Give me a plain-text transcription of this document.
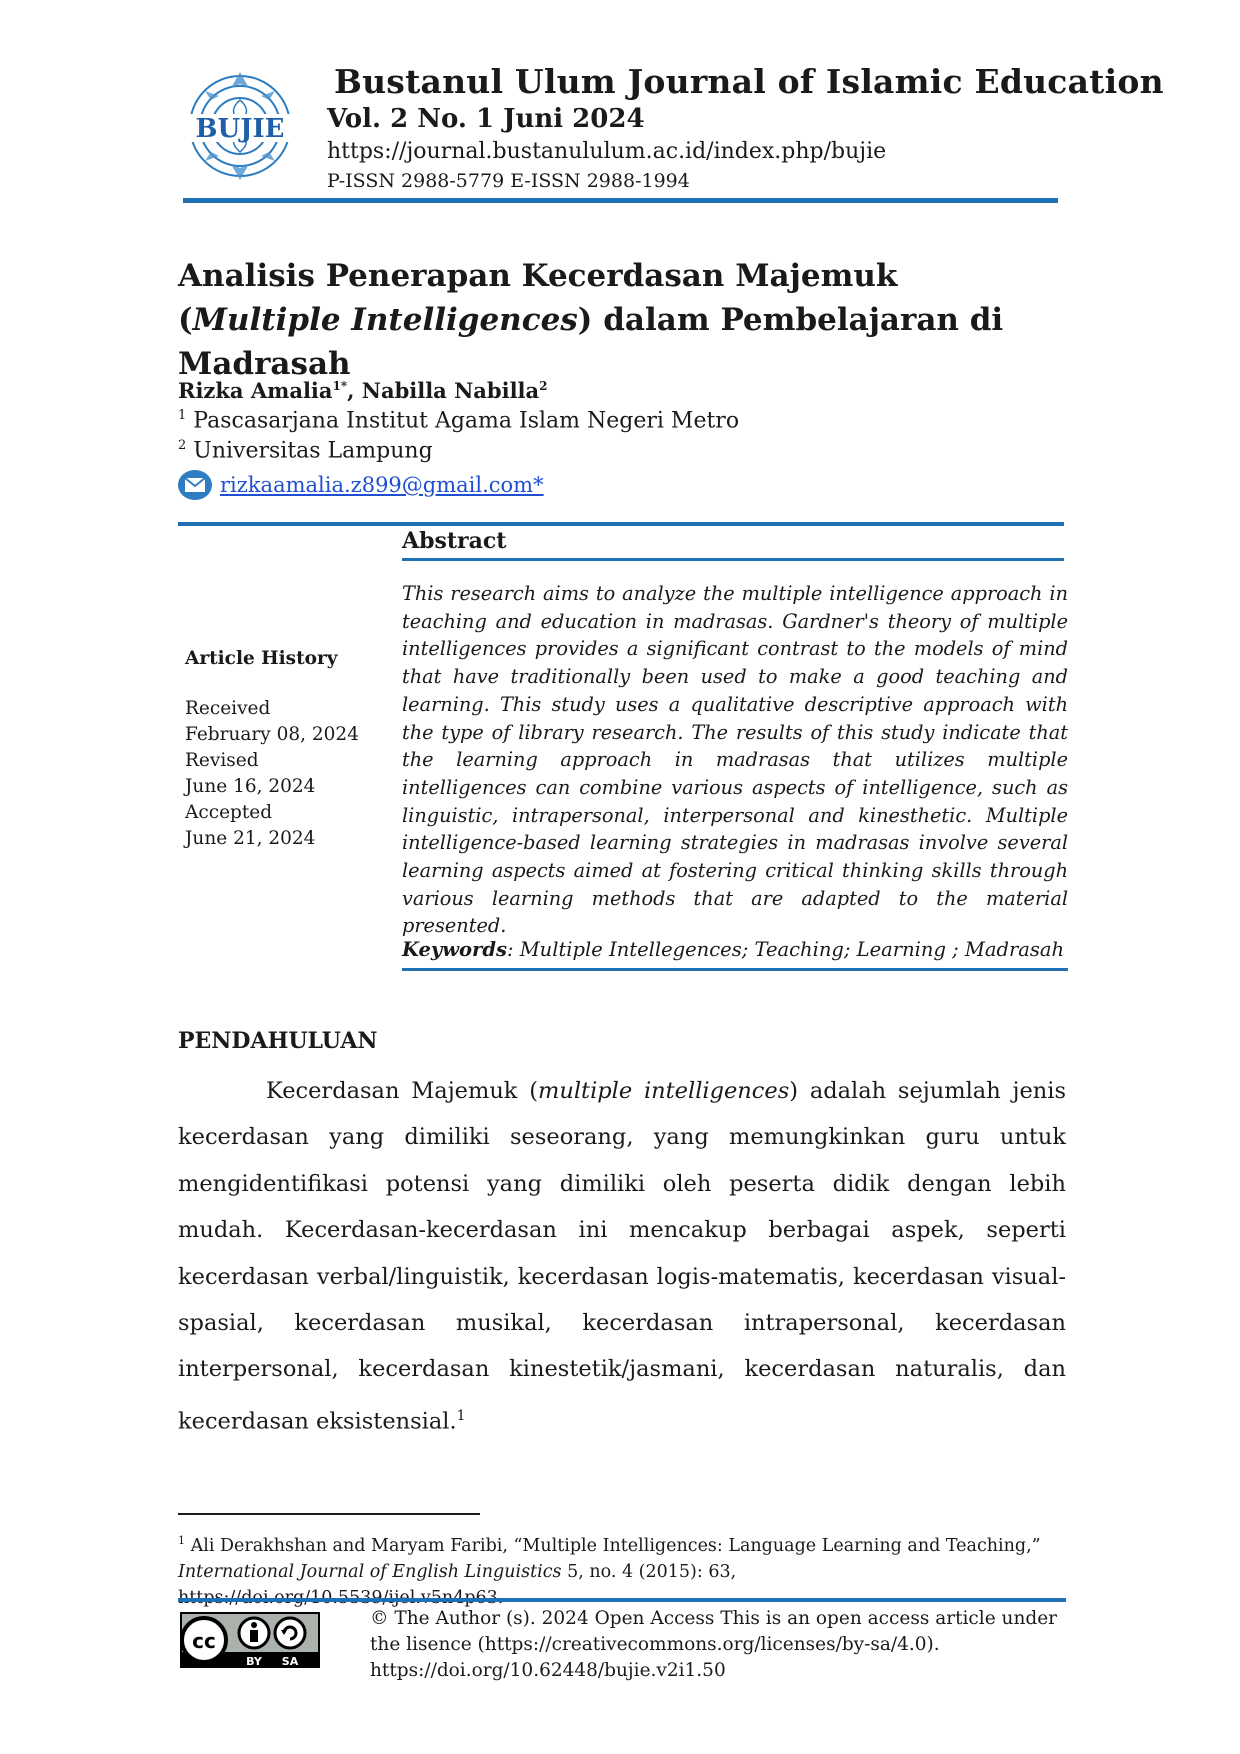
BUJIE
Bustanul Ulum Journal of Islamic Education
Vol. 2 No. 1 Juni 2024
https://journal.bustanululum.ac.id/index.php/bujie
P-ISSN 2988-5779 E-ISSN 2988-1994
Analisis Penerapan Kecerdasan Majemuk
(Multiple Intelligences) dalam Pembelajaran di Madrasah
Rizka Amalia$^{1*}$, Nabilla Nabilla$^2$
$^1$ Pascasarjana Institut Agama Islam Negeri Metro
$^2$ Universitas Lampung
rizkaamalia.z899@gmail.com*
Abstract
Article History
Received
February 08, 2024
Revised
June 16, 2024
Accepted
June 21, 2024
This research aims to analyze the multiple intelligence approach in teaching and education in madrasas. Gardner's theory of multiple intelligences provides a significant contrast to the models of mind that have traditionally been used to make a good teaching and learning. This study uses a qualitative descriptive approach with the type of library research. The results of this study indicate that the learning approach in madrasas that utilizes multiple intelligences can combine various aspects of intelligence, such as linguistic, intrapersonal, interpersonal and kinesthetic. Multiple intelligence-based learning strategies in madrasas involve several learning aspects aimed at fostering critical thinking skills through various learning methods that are adapted to the material presented.
Keywords: Multiple Intellegences; Teaching; Learning ; Madrasah
PENDAHULUAN
Kecerdasan Majemuk (multiple intelligences) adalah sejumlah jenis kecerdasan yang dimiliki seseorang, yang memungkinkan guru untuk mengidentifikasi potensi yang dimiliki oleh peserta didik dengan lebih mudah. Kecerdasan-kecerdasan ini mencakup berbagai aspek, seperti kecerdasan verbal/linguistik, kecerdasan logis-matematis, kecerdasan visual-spasial, kecerdasan musikal, kecerdasan intrapersonal, kecerdasan interpersonal, kecerdasan kinestetik/jasmani, kecerdasan naturalis, dan kecerdasan eksistensial.$^1$
$^1$ Ali Derakhshan and Maryam Faribi, “Multiple Intelligences: Language Learning and Teaching,”
International Journal of English Linguistics 5, no. 4 (2015): 63,
cc
BY SA
© The Author (s). 2024 Open Access This is an open access article under
the lisence (https://creativecommons.org/licenses/by-sa/4.0).
https://doi.org/10.62448/bujie.v2i1.50
